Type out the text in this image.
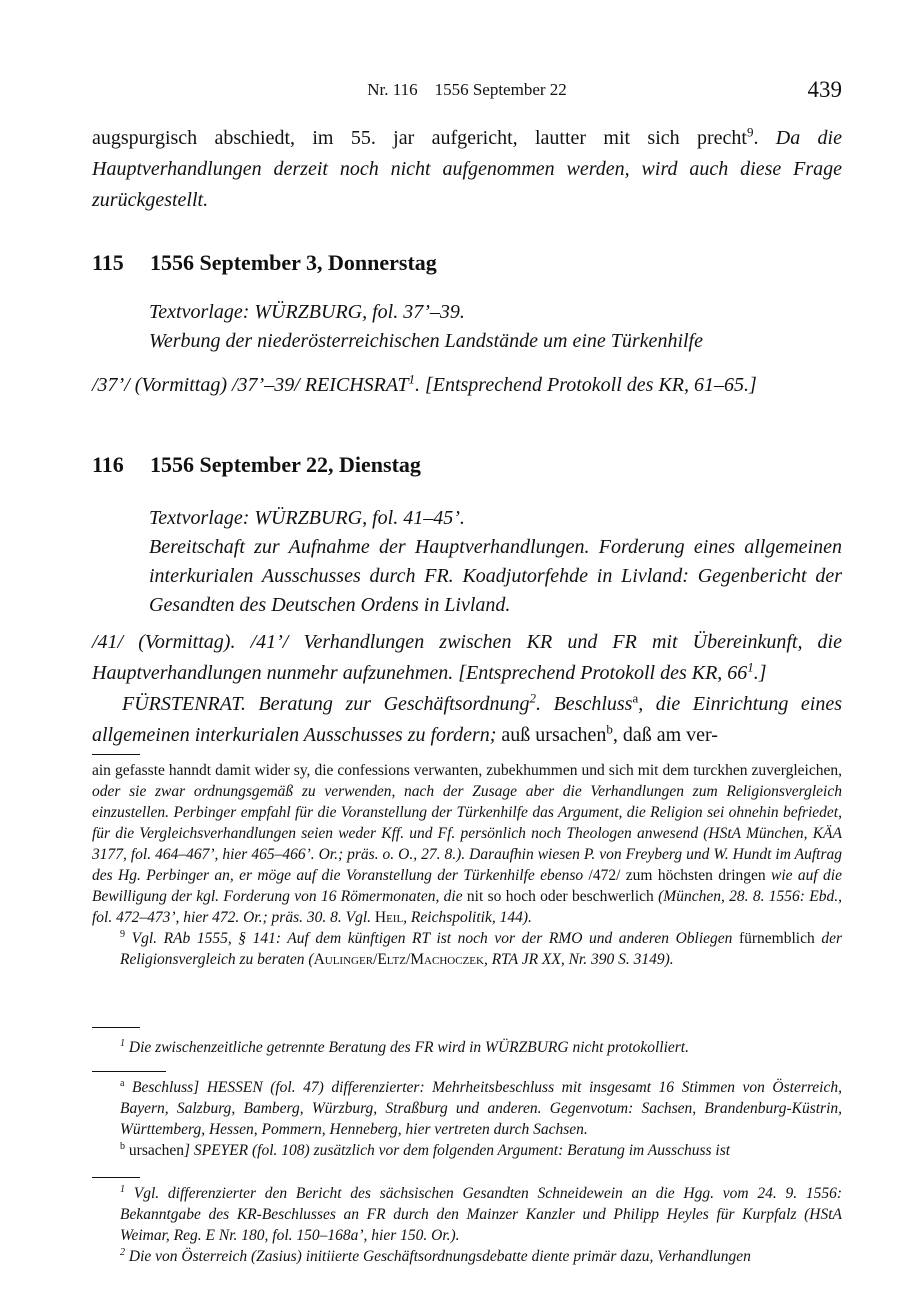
Nr. 116    1556 September 22	439
augspurgisch abschiedt, im 55. jar aufgericht, lautter mit sich precht$^9$. Da die Hauptverhandlungen derzeit noch nicht aufgenommen werden, wird auch diese Frage zurückgestellt.
115 1556 September 3, Donnerstag

Textvorlage: WÜRZBURG, fol. 37’–39.

Werbung der niederösterreichischen Landstände um eine Türkenhilfe

/37’/ (Vormittag) /37’–39/ REICHSRAT$^1$. [Entsprechend Protokoll des KR, 61–65.]
116 1556 September 22, Dienstag

Textvorlage: WÜRZBURG, fol. 41–45’.

Bereitschaft zur Aufnahme der Hauptverhandlungen. Forderung eines allgemeinen interkurialen Ausschusses durch FR. Koadjutorfehde in Livland: Gegenbericht der Gesandten des Deutschen Ordens in Livland.

/41/ (Vormittag). /41’/ Verhandlungen zwischen KR und FR mit Übereinkunft, die Hauptverhandlungen nunmehr aufzunehmen. [Entsprechend Protokoll des KR, $66^1$.]
FÜRSTENRAT. Beratung zur Geschäftsordnung$^2$. Beschluss$^a$, die Einrichtung eines allgemeinen interkurialen Ausschusses zu fordern; auß ursachen$^b$, daß am ver-

ain gefasste hanndt damit wider sy, die confessions verwanten, zubekhummen und sich mit dem turckhen zuvergleichen, oder sie zwar ordnungsgemäß zu verwenden, nach der Zusage aber die Verhandlungen zum Religionsvergleich einzustellen. Perbinger empfahl für die Voranstellung der Türkenhilfe das Argument, die Religion sei ohnehin befriedet, für die Vergleichsverhandlungen seien weder Kff. und Ff. persönlich noch Theologen anwesend (HStA München, KÄA 3177, fol. 464–467’, hier 465–466’. Or.; präs. o. O., 27. 8.). Daraufhin wiesen P. von Freyberg und W. Hundt im Auftrag des Hg. Perbinger an, er möge auf die Voranstellung der Türkenhilfe ebenso /472/ zum höchsten dringen wie auf die Bewilligung der kgl. Forderung von 16 Römermonaten, die nit so hoch oder beschwerlich (München, 28. 8. 1556: Ebd., fol. 472–473’, hier 472. Or.; präs. 30. 8. Vgl. Heil, Reichspolitik, 144).

$^9$ Vgl. RAb 1555, § 141: Auf dem künftigen RT ist noch vor der RMO und anderen Obliegen fürnemblich der Religionsvergleich zu beraten (Aulinger/Eltz/Machoczek, RTA JR XX, Nr. 390 S. 3149).

$^1$ Die zwischenzeitliche getrennte Beratung des FR wird in WÜRZBURG nicht protokolliert.

$^a$ Beschluss] HESSEN (fol. 47) differenzierter: Mehrheitsbeschluss mit insgesamt 16 Stimmen von Österreich, Bayern, Salzburg, Bamberg, Würzburg, Straßburg und anderen. Gegenvotum: Sachsen, Brandenburg-Küstrin, Württemberg, Hessen, Pommern, Henneberg, hier vertreten durch Sachsen.

$^b$ ursachen] SPEYER (fol. 108) zusätzlich vor dem folgenden Argument: Beratung im Ausschuss ist

$^1$ Vgl. differenzierter den Bericht des sächsischen Gesandten Schneidewein an die Hgg. vom 24. 9. 1556: Bekanntgabe des KR-Beschlusses an FR durch den Mainzer Kanzler und Philipp Heyles für Kurpfalz (HStA Weimar, Reg. E Nr. 180, fol. 150–168a’, hier 150. Or.).

$^2$ Die von Österreich (Zasius) initiierte Geschäftsordnungsdebatte diente primär dazu, Verhandlungen
